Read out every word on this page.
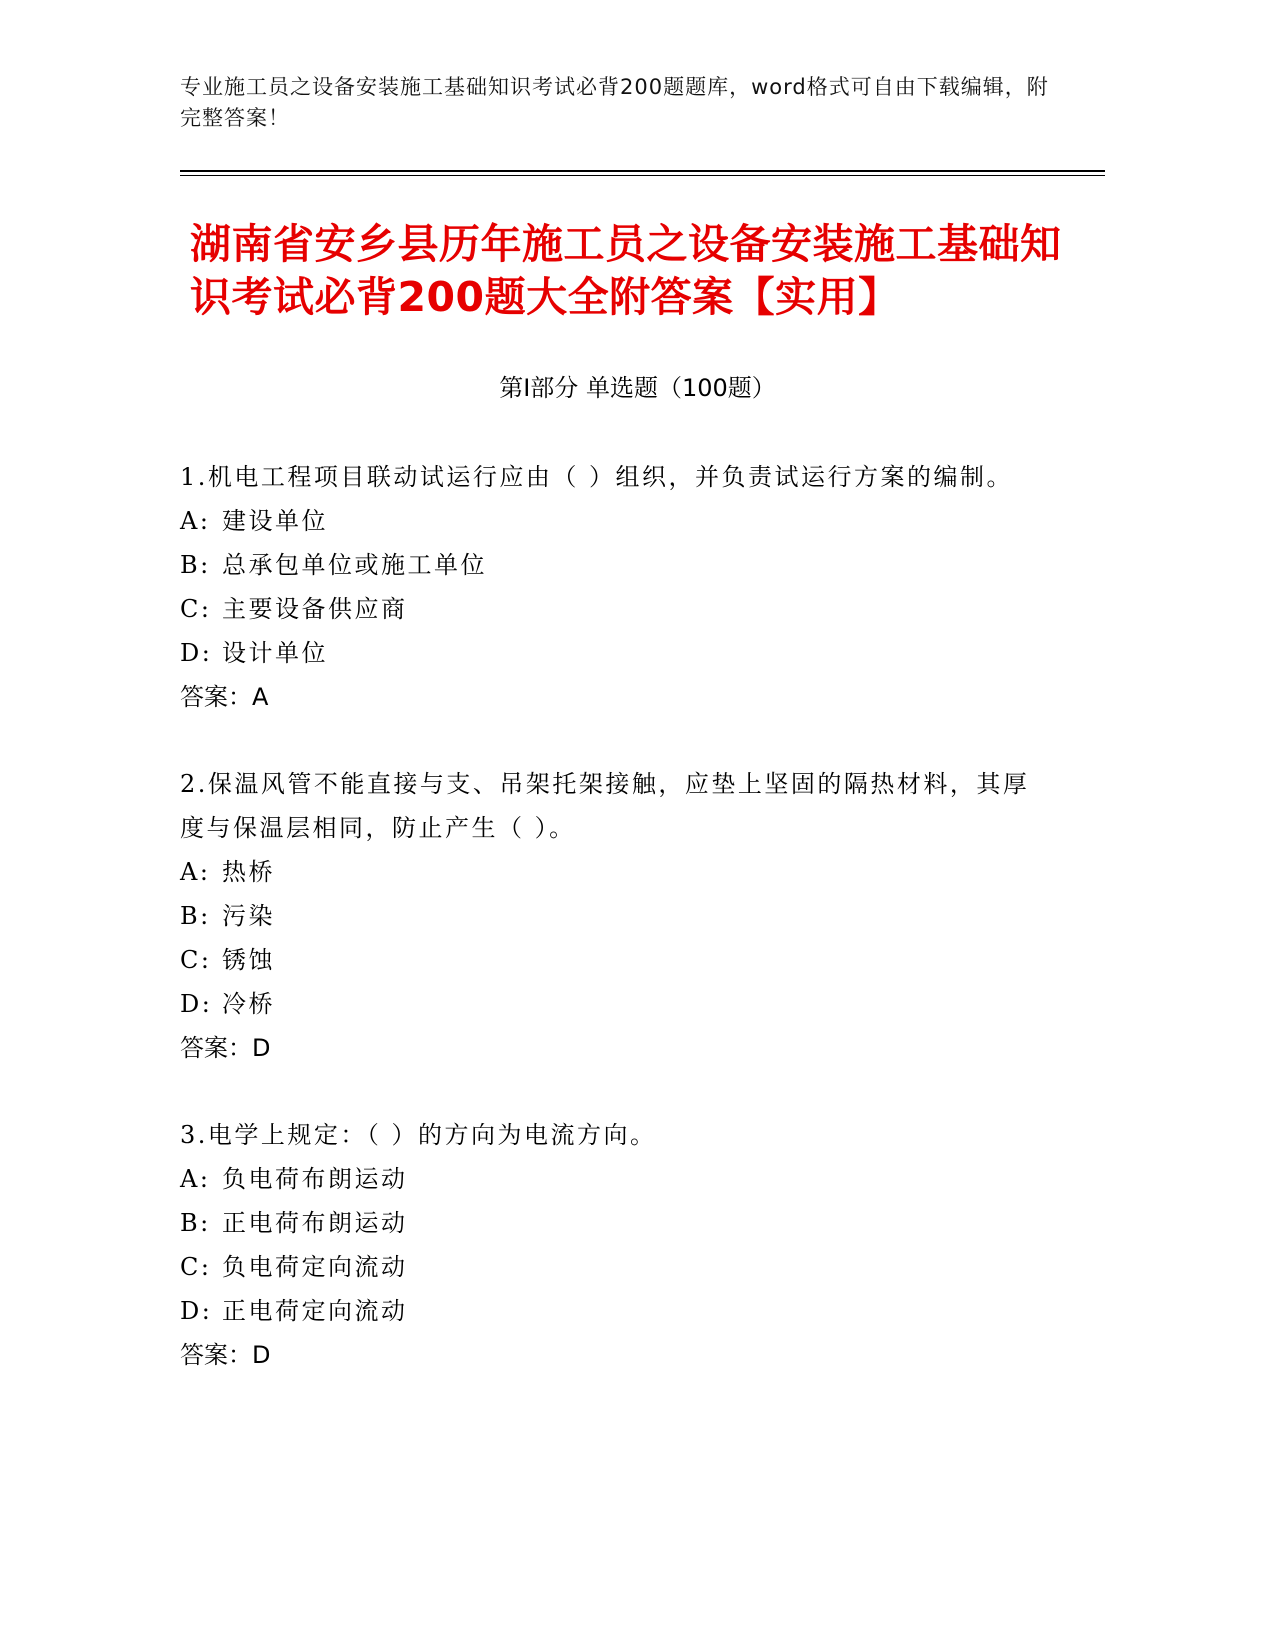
专业施工员之设备安装施工基础知识考试必背200题题库，word格式可自由下载编辑，附完整答案！
湖南省安乡县历年施工员之设备安装施工基础知识考试必背200题大全附答案【实用】
第Ⅰ部分 单选题（100题）
1.机电工程项目联动试运行应由（ ）组织，并负责试运行方案的编制。
A: 建设单位
B: 总承包单位或施工单位
C: 主要设备供应商
D: 设计单位
答案：A
2.保温风管不能直接与支、吊架托架接触，应垫上坚固的隔热材料，其厚度与保温层相同，防止产生（ ）。
A: 热桥
B: 污染
C: 锈蚀
D: 冷桥
答案：D
3.电学上规定：（ ）的方向为电流方向。
A: 负电荷布朗运动
B: 正电荷布朗运动
C: 负电荷定向流动
D: 正电荷定向流动
答案：D
